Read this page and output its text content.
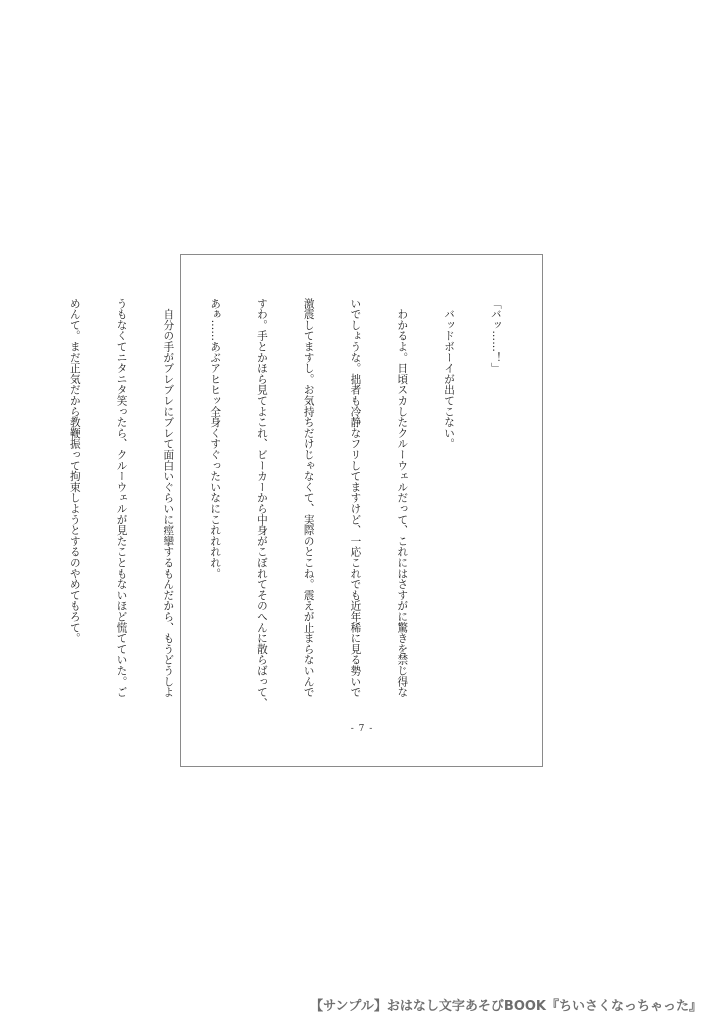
「バッ……！」

　バッドボーイが出てこない。

　わかるよ。日頃スカしたクルーウェルだって、これにはさすがに驚きを禁じ得な

いでしょうな。拙者も冷静なフリしてますけど、一応これでも近年稀に見る勢いで

激震してますし。お気持ちだけじゃなくて、実際のとこね。震えが止まらないんで

すわ。手とかほら見てよこれ、ビーカーから中身がこぼれてそのへんに散らばって、

あぁ……あぶアヒヒッ全身くすぐったいなにこれれれれ。

　自分の手がブレブレにブレて面白いぐらいに痙攣するもんだから、もうどうしよ

うもなくてニタニタ笑ったら、クルーウェルが見たこともないほど慌てていた。ご

めんて。まだ正気だから教鞭振って拘束しようとするのやめてもろて。

- 7 -
【サンプル】おはなし文字あそびBOOK『ちいさくなっちゃった』
